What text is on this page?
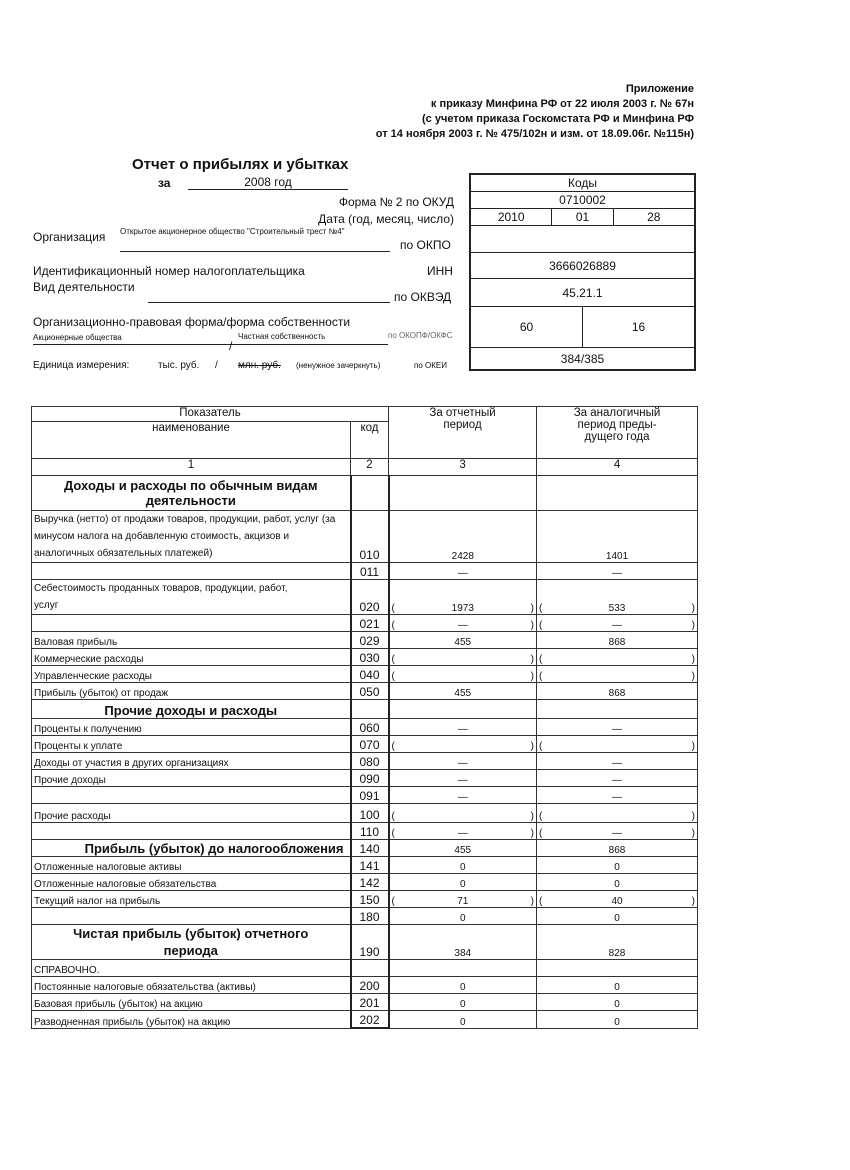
Приложение
к приказу Минфина РФ от 22 июля 2003 г. № 67н
(с учетом приказа Госкомстата РФ и Минфина РФ
от 14 ноября 2003 г. № 475/102н и изм. от 18.09.06г. №115н)
Отчет о прибылях и убытках
за	2008 год
Форма № 2 по ОКУД
Дата (год, месяц, число)
Организация Открытое акционерное общество "Строительный трест №4"
по ОКПО
Идентификационный номер налогоплательщика	ИНН
Вид деятельности
по ОКВЭД
Организационно-правовая форма/форма собственности
Акционерные общества	Частная собственность
/
по ОКОПФ/ОКФС
Единица измерения:	тыс. руб. / млн. руб. (ненужное зачеркнуть)	по ОКЕИ
Коды
0710002
2010	01	28
3666026889
45.21.1
60	16
384/385
Показатель		За отчетный период	За аналогичный период преды- дущего года
наименование	код		
1	2	3	4
Доходы и расходы по обычным видам деятельности			
Выручка (нетто) от продажи товаров, продукции, работ, услуг (за минусом налога на добавленную стоимость, акцизов и аналогичных обязательных платежей)	010	2428	1401
	011	—	—
Себестоимость проданных товаров, продукции, работ, услуг	020	( 1973 )	( 533 )

	021	( — )	( — )

Валовая прибыль	029	455	868
Коммерческие расходы	030	( )	( )

Управленческие расходы	040	( )	( )

Прибыль (убыток) от продаж	050	455	868
Прочие доходы и расходы			
Проценты к получению	060	—	—
Проценты к уплате	070	( )	( )

Доходы от участия в других организациях	080	—	—
Прочие доходы	090	—	—
	091	—	—
Прочие расходы	100	( )	( )

	110	( — )	( — )

Прибыль (убыток) до налогообложения	140	455	868
Отложенные налоговые активы	141	0	0
Отложенные налоговые обязательства	142	0	0
Текущий налог на прибыль	150	( 71 )	( 40 )

	180	0	0
Чистая прибыль (убыток) отчетного периода	190	384	828
СПРАВОЧНО.			
Постоянные налоговые обязательства (активы)	200	0	0
Базовая прибыль (убыток) на акцию	201	0	0
Разводненная прибыль (убыток) на акцию	202	0	0
